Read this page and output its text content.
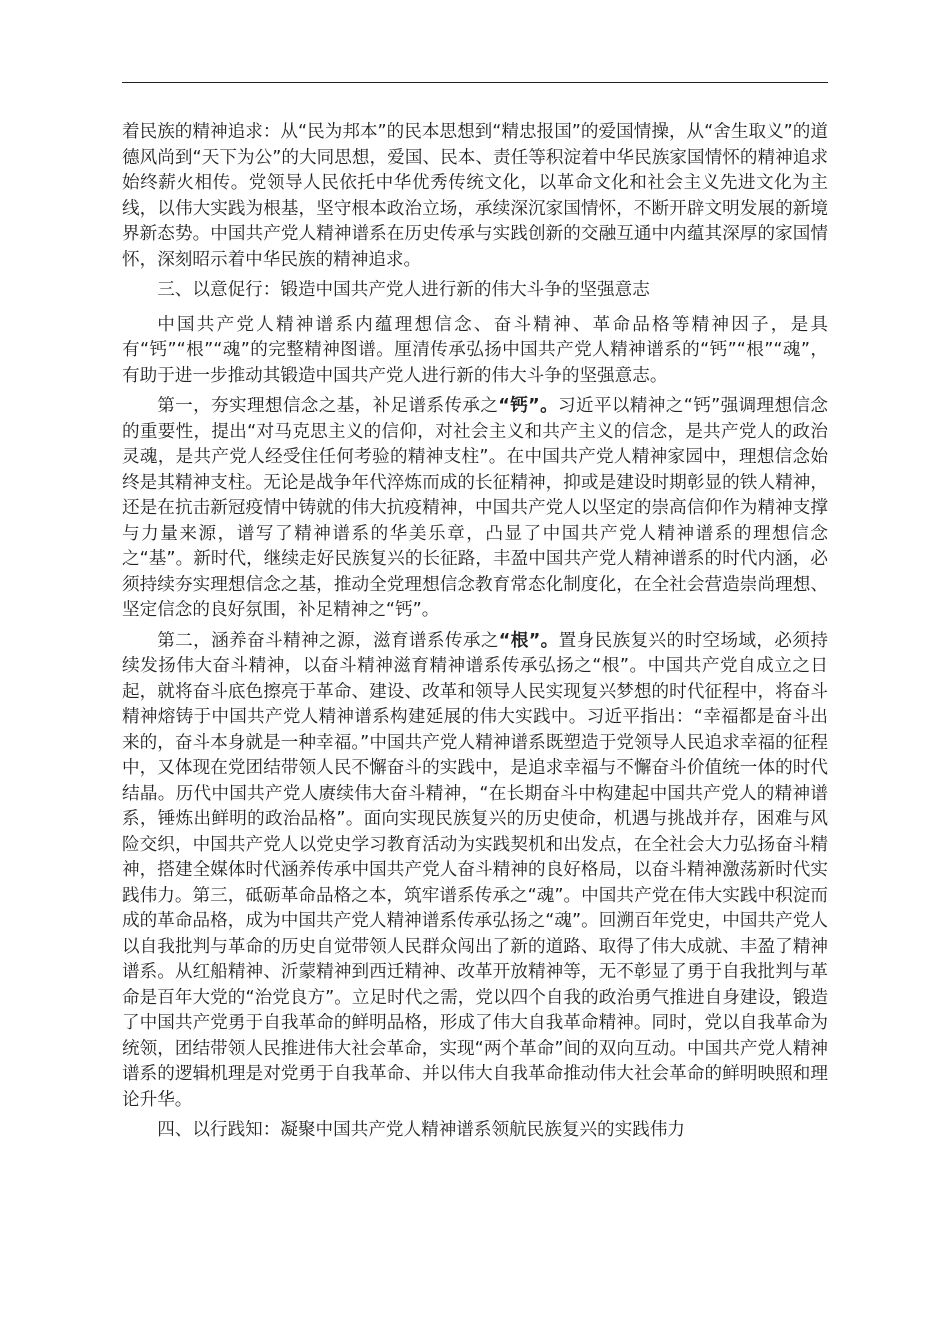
着民族的精神追求：从“民为邦本”的民本思想到“精忠报国”的爱国情操，从“舍生取义”的道德风尚到“天下为公”的大同思想，爱国、民本、责任等积淀着中华民族家国情怀的精神追求始终薪火相传。党领导人民依托中华优秀传统文化，以革命文化和社会主义先进文化为主线，以伟大实践为根基，坚守根本政治立场，承续深沉家国情怀，不断开辟文明发展的新境界新态势。中国共产党人精神谱系在历史传承与实践创新的交融互通中内蕴其深厚的家国情怀，深刻昭示着中华民族的精神追求。

三、以意促行：锻造中国共产党人进行新的伟大斗争的坚强意志

中国共产党人精神谱系内蕴理想信念、奋斗精神、革命品格等精神因子，是具有“钙”“根”“魂”的完整精神图谱。厘清传承弘扬中国共产党人精神谱系的“钙”“根”“魂”，有助于进一步推动其锻造中国共产党人进行新的伟大斗争的坚强意志。

第一，夯实理想信念之基，补足谱系传承之“钙”。习近平以精神之“钙”强调理想信念的重要性，提出“对马克思主义的信仰，对社会主义和共产主义的信念，是共产党人的政治灵魂，是共产党人经受住任何考验的精神支柱”。在中国共产党人精神家园中，理想信念始终是其精神支柱。无论是战争年代淬炼而成的长征精神，抑或是建设时期彰显的铁人精神，还是在抗击新冠疫情中铸就的伟大抗疫精神，中国共产党人以坚定的崇高信仰作为精神支撑与力量来源，谱写了精神谱系的华美乐章，凸显了中国共产党人精神谱系的理想信念之“基”。新时代，继续走好民族复兴的长征路，丰盈中国共产党人精神谱系的时代内涵，必须持续夯实理想信念之基，推动全党理想信念教育常态化制度化，在全社会营造崇尚理想、坚定信念的良好氛围，补足精神之“钙”。

第二，涵养奋斗精神之源，滋育谱系传承之“根”。置身民族复兴的时空场域，必须持续发扬伟大奋斗精神，以奋斗精神滋育精神谱系传承弘扬之“根”。中国共产党自成立之日起，就将奋斗底色擦亮于革命、建设、改革和领导人民实现复兴梦想的时代征程中，将奋斗精神熔铸于中国共产党人精神谱系构建延展的伟大实践中。习近平指出：“幸福都是奋斗出来的，奋斗本身就是一种幸福。”中国共产党人精神谱系既塑造于党领导人民追求幸福的征程中，又体现在党团结带领人民不懈奋斗的实践中，是追求幸福与不懈奋斗价值统一体的时代结晶。历代中国共产党人赓续伟大奋斗精神，“在长期奋斗中构建起中国共产党人的精神谱系，锤炼出鲜明的政治品格”。面向实现民族复兴的历史使命，机遇与挑战并存，困难与风险交织，中国共产党人以党史学习教育活动为实践契机和出发点，在全社会大力弘扬奋斗精神，搭建全媒体时代涵养传承中国共产党人奋斗精神的良好格局，以奋斗精神激荡新时代实践伟力。第三，砥砺革命品格之本，筑牢谱系传承之“魂”。中国共产党在伟大实践中积淀而成的革命品格，成为中国共产党人精神谱系传承弘扬之“魂”。回溯百年党史，中国共产党人以自我批判与革命的历史自觉带领人民群众闯出了新的道路、取得了伟大成就、丰盈了精神谱系。从红船精神、沂蒙精神到西迁精神、改革开放精神等，无不彰显了勇于自我批判与革命是百年大党的“治党良方”。立足时代之需，党以四个自我的政治勇气推进自身建设，锻造了中国共产党勇于自我革命的鲜明品格，形成了伟大自我革命精神。同时，党以自我革命为统领，团结带领人民推进伟大社会革命，实现“两个革命”间的双向互动。中国共产党人精神谱系的逻辑机理是对党勇于自我革命、并以伟大自我革命推动伟大社会革命的鲜明映照和理论升华。

四、以行践知：凝聚中国共产党人精神谱系领航民族复兴的实践伟力
